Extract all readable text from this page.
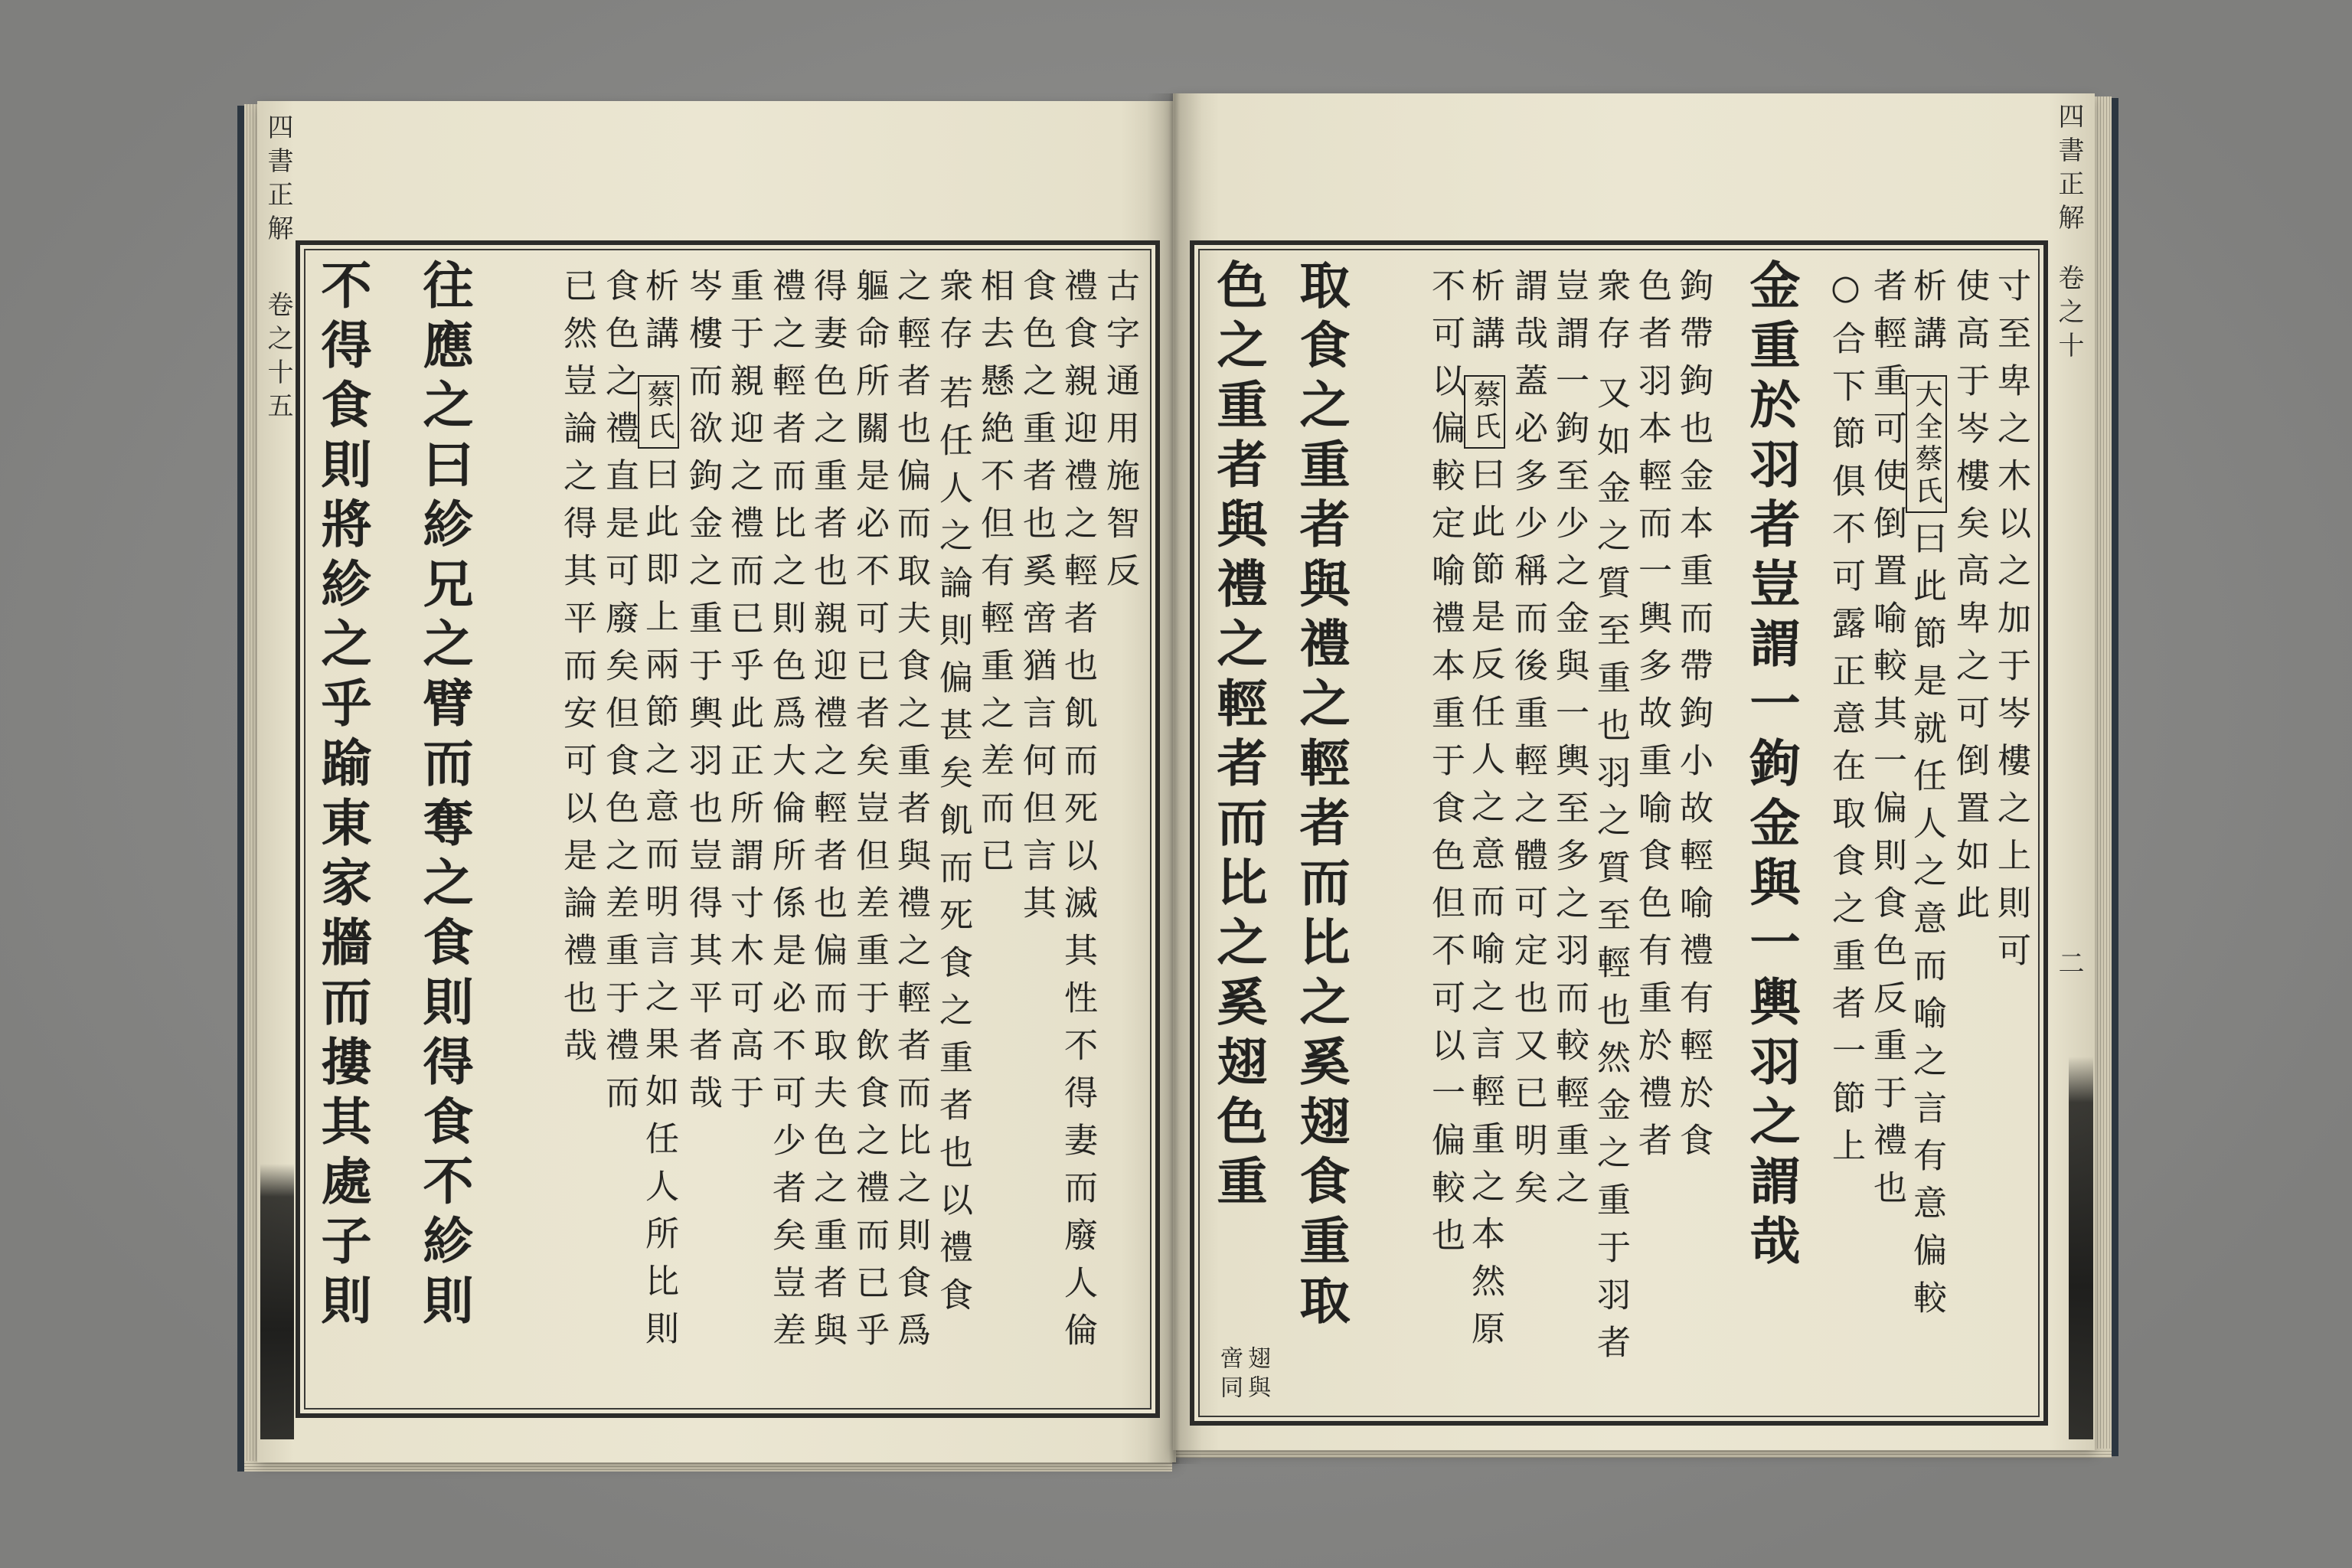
四書正解
卷之十五	古字通用施智反
禮食親迎禮之輕者也飢而死以滅其性不得妻而廢人倫
食色之重者也奚啻猶言何但言其
相去懸絶不但有輕重之差而已
衆存若任人之論則偏甚矣飢而死食之重者也以禮食
之輕者也偏而取夫食之重者與禮之輕者而比之則食爲
軀命所關是必不可已者矣豈但差重于飲食之禮而已乎
得妻色之重者也親迎禮之輕者也偏而取夫色之重者與
禮之輕者而比之則色爲大倫所係是必不可少者矣豈差
重于親迎之禮而已乎此正所謂寸木可高于
岑樓而欲鉤金之重于輿羽也豈得其平者哉
析講蔡氏曰此即上兩節之意而明言之果如任人所比則
食色之禮直是可廢矣但食色之差重于禮而
已然豈論之得其平而安可以是論禮也哉
往應之曰紾兄之臂而奪之食則得食不紾則
不得食則將紾之乎踰東家牆而摟其處子則
四書正解
卷之十
二
寸至卑之木以之加于岑樓之上則可
使高于岑樓矣高卑之可倒置如此
析講大全蔡氏曰此節是就任人之意而喻之言有意偏較
者輕重可使倒置喻較其一偏則食色反重于禮也
○合下節俱不可露正意在取食之重者一節上
金重於羽者豈謂一鉤金與一輿羽之謂哉
鉤帶鉤也金本重而帶鉤小故輕喻禮有輕於食
色者羽本輕而一輿多故重喻食色有重於禮者
衆存又如金之質至重也羽之質至輕也然金之重于羽者
豈謂一鉤至少之金與一輿至多之羽而較輕重之
謂哉蓋必多少稱而後重輕之體可定也又已明矣
析講蔡氏曰此節是反任人之意而喻之言輕重之本然原
不可以偏較定喻禮本重于食色但不可以一偏較也
取食之重者與禮之輕者而比之奚翅食重取
色之重者與禮之輕者而比之奚翅色重
翅與
啻同
